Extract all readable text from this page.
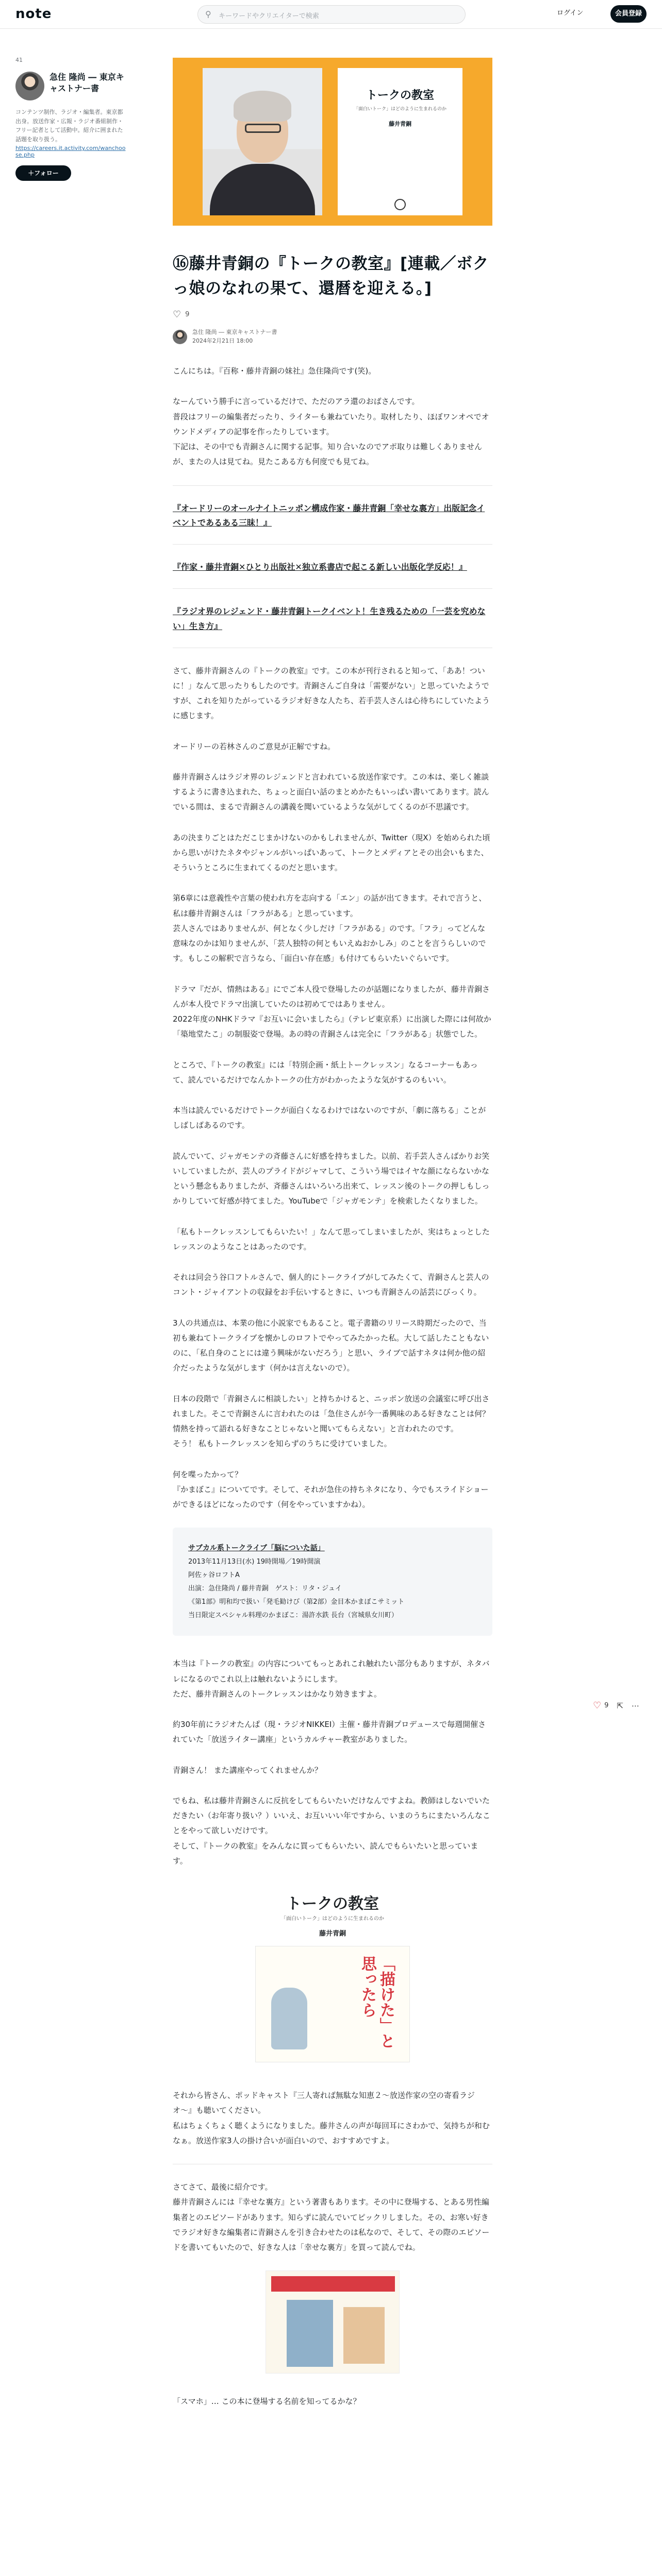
note	⚲ キーワードやクリエイターで検索	ログイン	会員登録
41
急住 隆尚 ― 東京キャストナー書
コンテンツ制作、ラジオ・編集者。東京都出身。放送作家・広報・ラジオ番組制作・フリー記者として活動中。紹介に囲まれた話題を取り扱う。
https://careers.it.activity.com/wanchoose.php
＋フォロー
トークの教室
「面白いトーク」はどのように生まれるのか
藤井青銅
⑯藤井青銅の『トークの教室』[連載／ボクっ娘のなれの果て、還暦を迎える。]
♡ 9
急住 隆尚 ― 東京キャストナー書
2024年2月21日 18:00

こんにちは。『百称・藤井青銅の妹社』急住隆尚です(笑)。

なーんていう勝手に言っているだけで、ただのアラ還のおばさんです。
普段はフリーの編集者だったり、ライターも兼ねていたり。取材したり、ほぼワンオペでオウンドメディアの記事を作ったりしています。
下記は、その中でも青銅さんに関する記事。知り合いなのでアポ取りは難しくありませんが、またの人は見てね。見たこある方も何度でも見てね。

『オードリーのオールナイトニッポン構成作家・藤井青銅「幸せな裏方」出版記念イベントであるある三昧！』
『作家・藤井青銅✕ひとり出版社✕独立系書店で起こる新しい出版化学反応！』
『ラジオ界のレジェンド・藤井青銅トークイベント！生き残るための「一芸を究めない」生き方』

さて、藤井青銅さんの『トークの教室』です。この本が刊行されると知って、「ああ！ついに！」なんて思ったりもしたのです。青銅さんご自身は「需要がない」と思っていたようですが、これを知りたがっているラジオ好きな人たち、若手芸人さんは心待ちにしていたように感じます。

オードリーの若林さんのご意見が正解ですね。

藤井青銅さんはラジオ界のレジェンドと言われている放送作家です。この本は、楽しく雑談するように書き込まれた、ちょっと面白い話のまとめかたもいっぱい書いてあります。読んでいる間は、まるで青銅さんの講義を聞いているような気がしてくるのが不思議です。

あの決まりごとはただこじまかけないのかもしれませんが、Twitter（現X）を始められた頃から思いがけたネタやジャンルがいっぱいあって、トークとメディアとその出会いもまた、そういうところに生まれてくるのだと思います。

第6章には意義性や言葉の使われ方を志向する「エン」の話が出てきます。それで言うと、私は藤井青銅さんは「フラがある」と思っています。
芸人さんではありませんが、何となく少しだけ「フラがある」のです。「フラ」ってどんな意味なのかは知りませんが、「芸人独特の何ともいえぬおかしみ」のことを言うらしいのです。もしこの解釈で言うなら、「面白い存在感」も付けてもらいたいぐらいです。

ドラマ『だが、情熱はある』にでご本人役で登場したのが話題になりましたが、藤井青銅さんが本人役でドラマ出演していたのは初めてではありません。
2022年度のNHKドラマ『お互いに会いましたら』（テレビ東京系）に出演した際には何故か「築地堂たこ」の制服姿で登場。あの時の青銅さんは完全に「フラがある」状態でした。

ところで、『トークの教室』には「特別企画・紙上トークレッスン」なるコーナーもあって、読んでいるだけでなんかトークの仕方がわかったような気がするのもいい。

本当は読んでいるだけでトークが面白くなるわけではないのですが、「劇に落ちる」ことがしばしばあるのです。

読んでいて、ジャガモンテの斉藤さんに好感を持ちました。以前、若手芸人さんばかりお笑いしていましたが、芸人のプライドがジャマして、こういう場ではイヤな顔にならないかなという懸念もありましたが、斉藤さんはいろいろ出来て、レッスン後のトークの押しもしっかりしていて好感が持てました。YouTubeで「ジャガモンテ」を検索したくなりました。

「私もトークレッスンしてもらいたい！」なんて思ってしまいましたが、実はちょっとしたレッスンのようなことはあったのです。

それは同会う谷口フトルさんで、個人的にトークライブがしてみたくて、青銅さんと芸人のコント・ジャイアントの収録をお手伝いするときに、いつも青銅さんの話芸にびっくり。

3人の共通点は、本業の他に小説家でもあること。電子書籍のリリース時期だったので、当初も兼ねてトークライブを懐かしのロフトでやってみたかった私。大して話したこともないのに、「私自身のことには違う興味がないだろう」と思い、ライブで話すネタは何か他の紹介だったような気がします（何かは言えないので）。

日本の段階で「青銅さんに相談したい」と持ちかけると、ニッポン放送の会議室に呼び出されました。そこで青銅さんに言われたのは「急住さんが今一番興味のある好きなことは何？情熱を持って語れる好きなことじゃないと聞いてもらえない」と言われたのです。
そう！ 私もトークレッスンを知らずのうちに受けていました。

何を喋ったかって？
『かまぼこ』についてです。そして、それが急住の持ちネタになり、今でもスライドショーができるほどになったのです（何をやっていますかね）。

サブカル系トークライブ「脳についた話」
2013年11月13日(水) 19時開場／19時開演
阿佐ヶ谷ロフトA
出演：急住隆尚 / 藤井青銅　ゲスト：リタ・ジュイ
《第1部》明和均で扱い「発毛勧けび（第2部）金目本かまぼこサミット
当日限定スペシャル料理のかまぼこ：湯許水鉄 長台（宮城県女川町）

本当は『トークの教室』の内容についてもっとあれこれ触れたい部分もありますが、ネタバレになるのでこれ以上は触れないようにします。
ただ、藤井青銅さんのトークレッスンはかなり効きますよ。

約30年前にラジオたんぱ（現・ラジオNIKKEI）主催・藤井青銅プロデュースで毎週開催されていた「放送ライター講座」というカルチャー教室がありました。

青銅さん！ また講座やってくれませんか？

でもね、私は藤井青銅さんに反抗をしてもらいたいだけなんですよね。教師はしないでいただきたい（お年寄り扱い？）いいえ、お互いいい年ですから、いまのうちにまたいろんなことをやって欲しいだけです。
そして、『トークの教室』をみんなに買ってもらいたい、読んでもらいたいと思っています。

トークの教室
「面白いトーク」はどのように生まれるのか
藤井青銅
「描けた」と思ったら

それから皆さん、ポッドキャスト『三人寄れば無駄な知恵２〜放送作家の空の寄看ラジオ〜』も聴いてください。
私はちょくちょく聴くようになりました。藤井さんの声が毎回耳にさわかで、気持ちが和むなぁ。放送作家3人の掛け合いが面白いので、おすすめですよ。

さてさて、最後に紹介です。
藤井青銅さんには『幸せな裏方』という著書もあります。その中に登場する、とある男性編集者とのエピソードがあります。知らずに読んでいてピックリしました。その、お寒い好きでラジオ好きな編集者に青銅さんを引き合わせたのは私なので、そして、その際のエピソードを書いてもいたので、好きな人は「幸せな裏方」を買って読んでね。

「スマホ」… この本に登場する名前を知ってるかな？

♡ 9 ⇱ ⋯
